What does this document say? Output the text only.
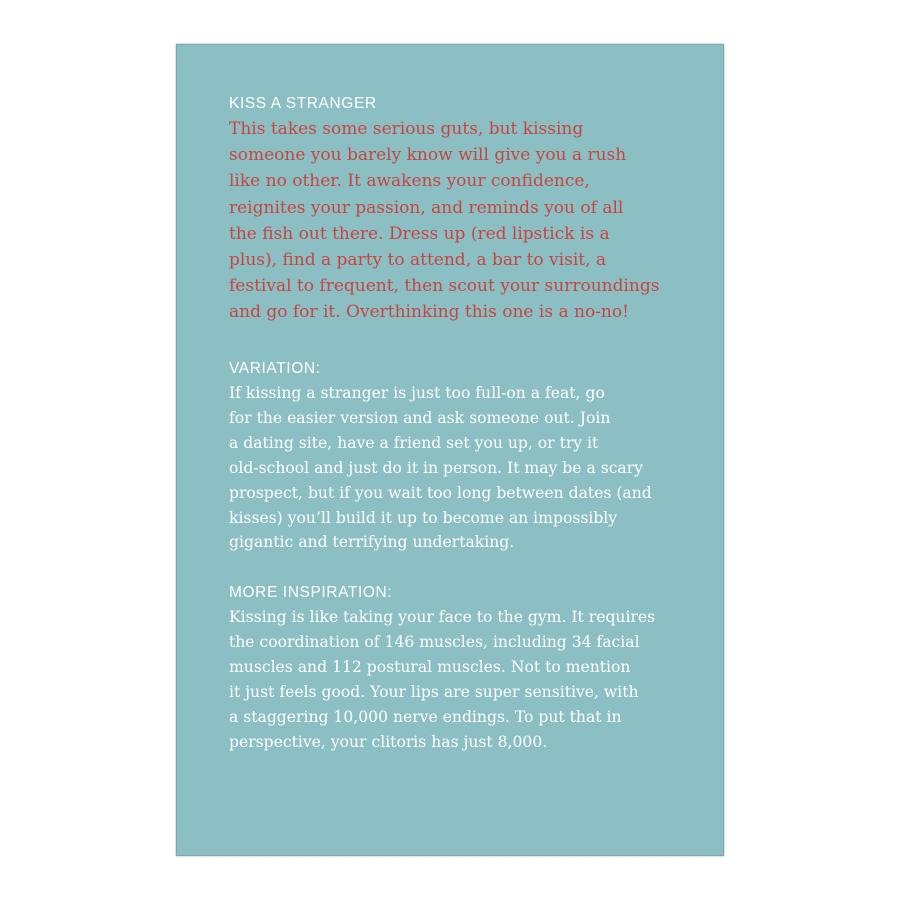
KISS A STRANGER

This takes some serious guts, but kissing
someone you barely know will give you a rush
like no other. It awakens your confidence,
reignites your passion, and reminds you of all
the fish out there. Dress up (red lipstick is a
plus), find a party to attend, a bar to visit, a
festival to frequent, then scout your surroundings
and go for it. Overthinking this one is a no-no!

VARIATION:

If kissing a stranger is just too full-on a feat, go
for the easier version and ask someone out. Join
a dating site, have a friend set you up, or try it
old-school and just do it in person. It may be a scary
prospect, but if you wait too long between dates (and
kisses) you’ll build it up to become an impossibly
gigantic and terrifying undertaking.

MORE INSPIRATION:

Kissing is like taking your face to the gym. It requires
the coordination of 146 muscles, including 34 facial
muscles and 112 postural muscles. Not to mention
it just feels good. Your lips are super sensitive, with
a staggering 10,000 nerve endings. To put that in
perspective, your clitoris has just 8,000.
